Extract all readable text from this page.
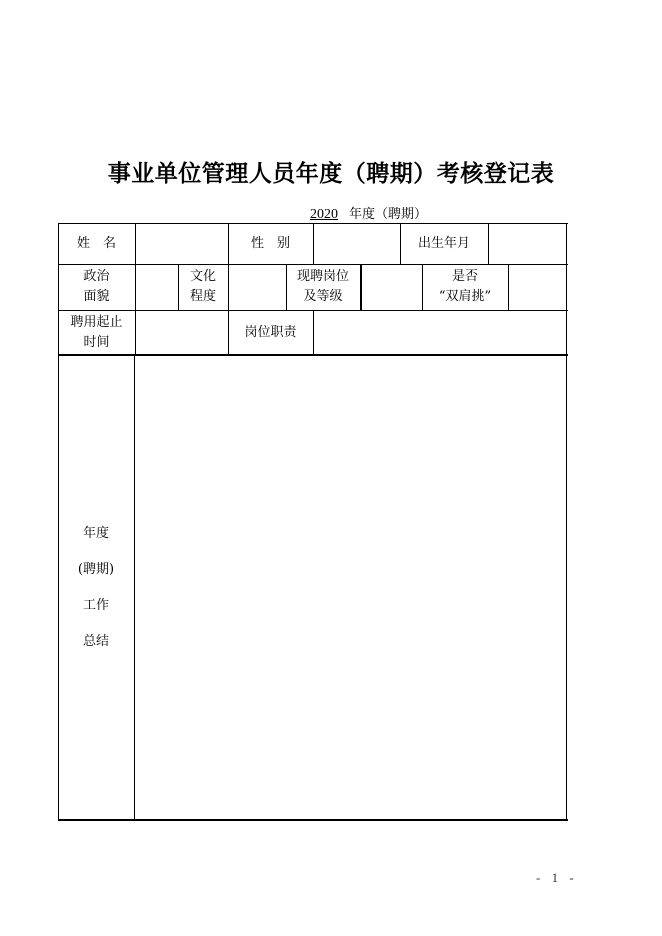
事业单位管理人员年度（聘期）考核登记表
2020 年度（聘期）
姓　名	性　别	出生年月
政治
面貌
文化
程度
现聘岗位
及等级
是否
“双肩挑”
聘用起止
时间
岗位职责
年度
(聘期)
工作
总结
- 1 -
